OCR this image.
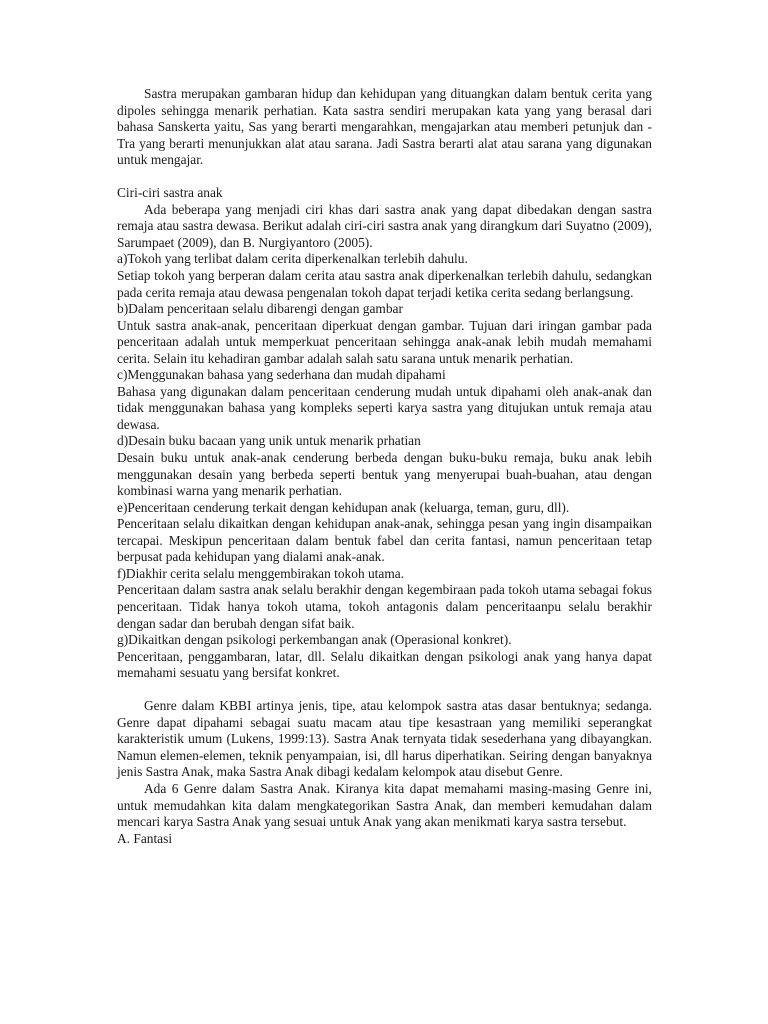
Sastra merupakan gambaran hidup dan kehidupan yang dituangkan dalam bentuk cerita yang dipoles sehingga menarik perhatian. Kata sastra sendiri merupakan kata yang yang berasal dari bahasa Sanskerta yaitu, Sas yang berarti mengarahkan, mengajarkan atau memberi petunjuk dan -Tra yang berarti menunjukkan alat atau sarana. Jadi Sastra berarti alat atau sarana yang digunakan untuk mengajar.

Ciri-ciri sastra anak

Ada beberapa yang menjadi ciri khas dari sastra anak yang dapat dibedakan dengan sastra remaja atau sastra dewasa. Berikut adalah ciri-ciri sastra anak yang dirangkum dari Suyatno (2009), Sarumpaet (2009), dan B. Nurgiyantoro (2005).

a)Tokoh yang terlibat dalam cerita diperkenalkan terlebih dahulu.

Setiap tokoh yang berperan dalam cerita atau sastra anak diperkenalkan terlebih dahulu, sedangkan pada cerita remaja atau dewasa pengenalan tokoh dapat terjadi ketika cerita sedang berlangsung.

b)Dalam penceritaan selalu dibarengi dengan gambar

Untuk sastra anak-anak, penceritaan diperkuat dengan gambar. Tujuan dari iringan gambar pada penceritaan adalah untuk memperkuat penceritaan sehingga anak-anak lebih mudah memahami cerita. Selain itu kehadiran gambar adalah salah satu sarana untuk menarik perhatian.

c)Menggunakan bahasa yang sederhana dan mudah dipahami

Bahasa yang digunakan dalam penceritaan cenderung mudah untuk dipahami oleh anak-anak dan tidak menggunakan bahasa yang kompleks seperti karya sastra yang ditujukan untuk remaja atau dewasa.

d)Desain buku bacaan yang unik untuk menarik prhatian

Desain buku untuk anak-anak cenderung berbeda dengan buku-buku remaja, buku anak lebih menggunakan desain yang berbeda seperti bentuk yang menyerupai buah-buahan, atau dengan kombinasi warna yang menarik perhatian.

e)Penceritaan cenderung terkait dengan kehidupan anak (keluarga, teman, guru, dll).

Penceritaan selalu dikaitkan dengan kehidupan anak-anak, sehingga pesan yang ingin disampaikan tercapai. Meskipun penceritaan dalam bentuk fabel dan cerita fantasi, namun penceritaan tetap berpusat pada kehidupan yang dialami anak-anak.

f)Diakhir cerita selalu menggembirakan tokoh utama.

Penceritaan dalam sastra anak selalu berakhir dengan kegembiraan pada tokoh utama sebagai fokus penceritaan. Tidak hanya tokoh utama, tokoh antagonis dalam penceritaanpu selalu berakhir dengan sadar dan berubah dengan sifat baik.

g)Dikaitkan dengan psikologi perkembangan anak (Operasional konkret).

Penceritaan, penggambaran, latar, dll. Selalu dikaitkan dengan psikologi anak yang hanya dapat memahami sesuatu yang bersifat konkret.

Genre dalam KBBI artinya jenis, tipe, atau kelompok sastra atas dasar bentuknya; sedanga. Genre dapat dipahami sebagai suatu macam atau tipe kesastraan yang memiliki seperangkat karakteristik umum (Lukens, 1999:13). Sastra Anak ternyata tidak sesederhana yang dibayangkan. Namun elemen-elemen, teknik penyampaian, isi, dll harus diperhatikan. Seiring dengan banyaknya jenis Sastra Anak, maka Sastra Anak dibagi kedalam kelompok atau disebut Genre.

Ada 6 Genre dalam Sastra Anak. Kiranya kita dapat memahami masing-masing Genre ini, untuk memudahkan kita dalam mengkategorikan Sastra Anak, dan memberi kemudahan dalam mencari karya Sastra Anak yang sesuai untuk Anak yang akan menikmati karya sastra tersebut.

A. Fantasi
